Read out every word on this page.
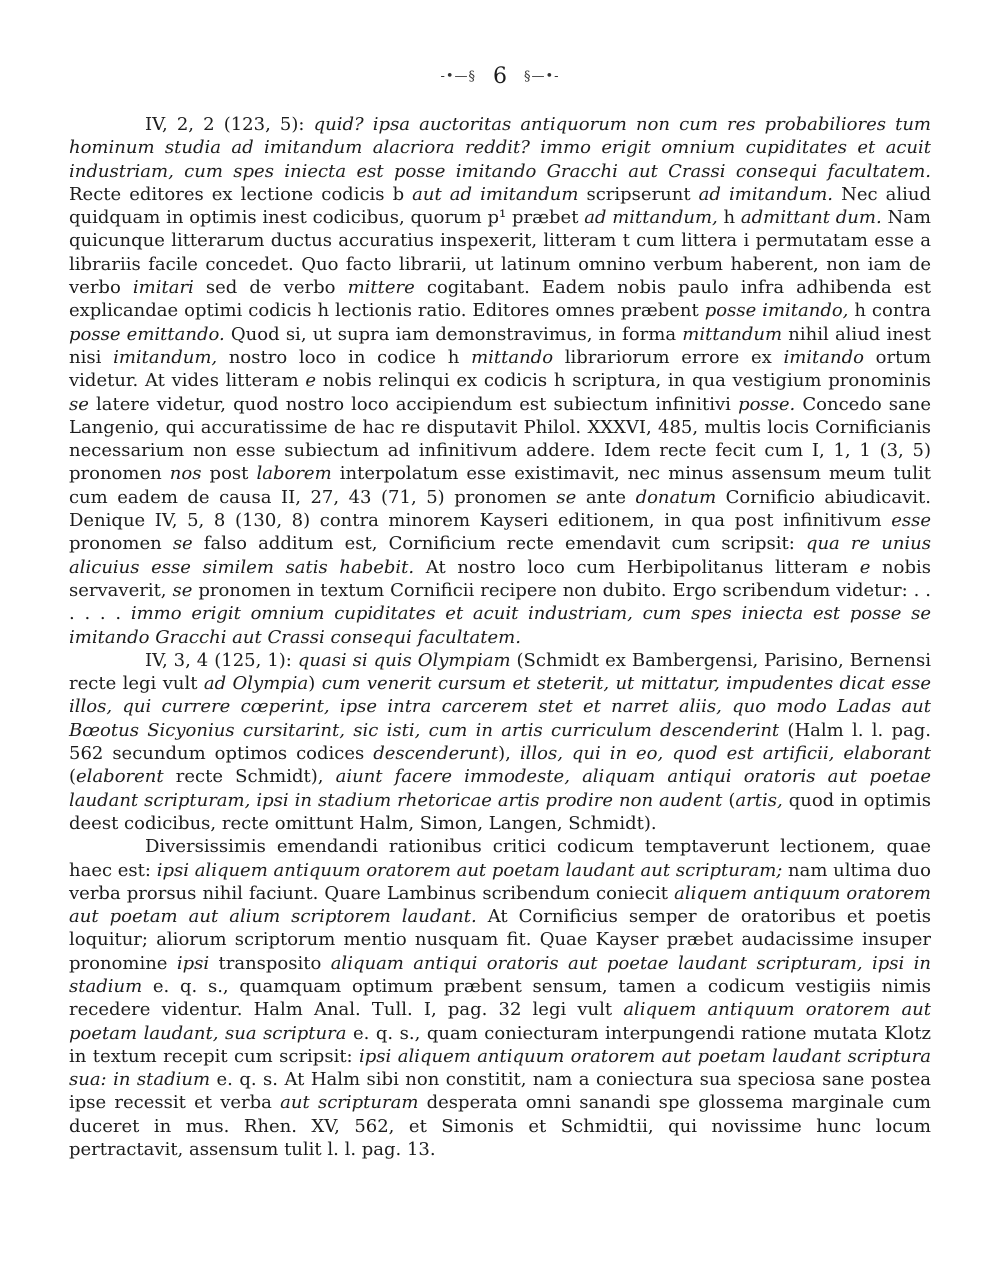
-•—§ 6 §—•-

IV, 2, 2 (123, 5): quid? ipsa auctoritas antiquorum non cum res probabiliores tum hominum studia ad imitandum alacriora reddit? immo erigit omnium cupiditates et acuit industriam, cum spes iniecta est posse imitando Gracchi aut Crassi consequi facultatem. Recte editores ex lectione codicis b aut ad imitandum scripserunt ad imitandum. Nec aliud quidquam in optimis inest codicibus, quorum p¹ præbet ad mittandum, h admittant dum. Nam quicunque litterarum ductus accuratius inspexerit, litteram t cum littera i permutatam esse a librariis facile concedet. Quo facto librarii, ut latinum omnino verbum haberent, non iam de verbo imitari sed de verbo mittere cogitabant. Eadem nobis paulo infra adhibenda est explicandae optimi codicis h lectionis ratio. Editores omnes præbent posse imitando, h contra posse emittando. Quod si, ut supra iam demonstravimus, in forma mittandum nihil aliud inest nisi imitandum, nostro loco in codice h mittando librariorum errore ex imitando ortum videtur. At vides litteram e nobis relinqui ex codicis h scriptura, in qua vestigium pronominis se latere videtur, quod nostro loco accipiendum est subiectum infinitivi posse. Concedo sane Langenio, qui accuratissime de hac re disputavit Philol. XXXVI, 485, multis locis Cornificianis necessarium non esse subiectum ad infinitivum addere. Idem recte fecit cum I, 1, 1 (3, 5) pronomen nos post laborem interpolatum esse existimavit, nec minus assensum meum tulit cum eadem de causa II, 27, 43 (71, 5) pronomen se ante donatum Cornificio abiudicavit. Denique IV, 5, 8 (130, 8) contra minorem Kayseri editionem, in qua post infinitivum esse pronomen se falso additum est, Cornificium recte emendavit cum scripsit: qua re unius alicuius esse similem satis habebit. At nostro loco cum Herbipolitanus litteram e nobis servaverit, se pronomen in textum Cornificii recipere non dubito. Ergo scribendum videtur: . . . . . . immo erigit omnium cupiditates et acuit industriam, cum spes iniecta est posse se imitando Gracchi aut Crassi consequi facultatem.

IV, 3, 4 (125, 1): quasi si quis Olympiam (Schmidt ex Bambergensi, Parisino, Bernensi recte legi vult ad Olympia) cum venerit cursum et steterit, ut mittatur, impudentes dicat esse illos, qui currere cœperint, ipse intra carcerem stet et narret aliis, quo modo Ladas aut Bœotus Sicyonius cursitarint, sic isti, cum in artis curriculum descenderint (Halm l. l. pag. 562 secundum optimos codices descenderunt), illos, qui in eo, quod est artificii, elaborant (elaborent recte Schmidt), aiunt facere immodeste, aliquam antiqui oratoris aut poetae laudant scripturam, ipsi in stadium rhetoricae artis prodire non audent (artis, quod in optimis deest codicibus, recte omittunt Halm, Simon, Langen, Schmidt).

Diversissimis emendandi rationibus critici codicum temptaverunt lectionem, quae haec est: ipsi aliquem antiquum oratorem aut poetam laudant aut scripturam; nam ultima duo verba prorsus nihil faciunt. Quare Lambinus scribendum coniecit aliquem antiquum oratorem aut poetam aut alium scriptorem laudant. At Cornificius semper de oratoribus et poetis loquitur; aliorum scriptorum mentio nusquam fit. Quae Kayser præbet audacissime insuper pronomine ipsi transposito aliquam antiqui oratoris aut poetae laudant scripturam, ipsi in stadium e. q. s., quamquam optimum præbent sensum, tamen a codicum vestigiis nimis recedere videntur. Halm Anal. Tull. I, pag. 32 legi vult aliquem antiquum oratorem aut poetam laudant, sua scriptura e. q. s., quam coniecturam interpungendi ratione mutata Klotz in textum recepit cum scripsit: ipsi aliquem antiquum oratorem aut poetam laudant scriptura sua: in stadium e. q. s. At Halm sibi non constitit, nam a coniectura sua speciosa sane postea ipse recessit et verba aut scripturam desperata omni sanandi spe glossema marginale cum duceret in mus. Rhen. XV, 562, et Simonis et Schmidtii, qui novissime hunc locum pertractavit, assensum tulit l. l. pag. 13.
